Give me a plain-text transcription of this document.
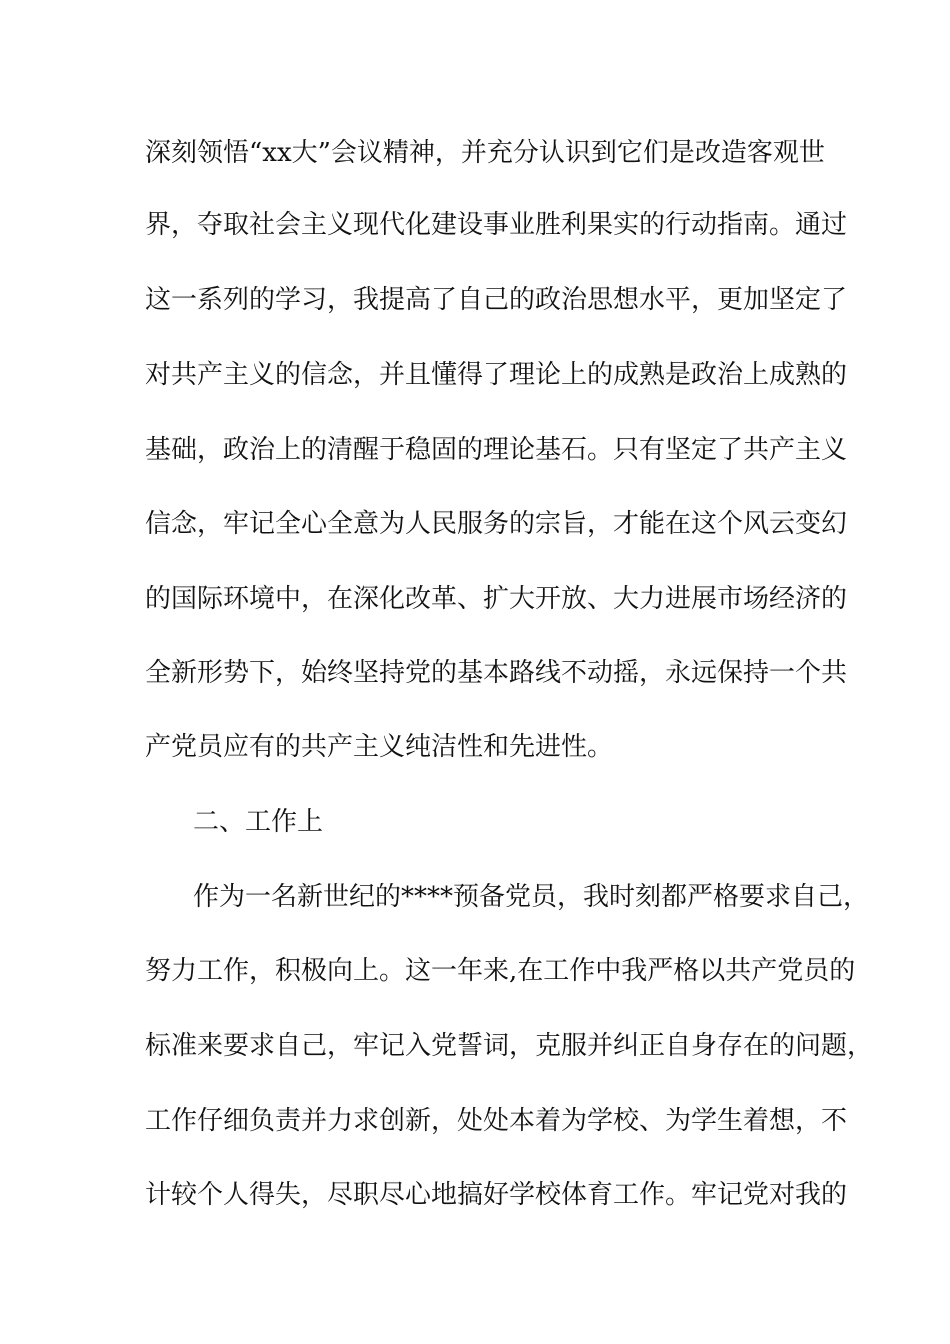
深刻领悟“xx大”会议精神，并充分认识到它们是改造客观世
界，夺取社会主义现代化建设事业胜利果实的行动指南。通过
这一系列的学习，我提高了自己的政治思想水平，更加坚定了
对共产主义的信念，并且懂得了理论上的成熟是政治上成熟的
基础，政治上的清醒于稳固的理论基石。只有坚定了共产主义
信念，牢记全心全意为人民服务的宗旨，才能在这个风云变幻
的国际环境中，在深化改革、扩大开放、大力进展市场经济的
全新形势下，始终坚持党的基本路线不动摇，永远保持一个共
产党员应有的共产主义纯洁性和先进性。
二、工作上
作为一名新世纪的****预备党员，我时刻都严格要求自己，
努力工作，积极向上。这一年来,在工作中我严格以共产党员的
标准来要求自己，牢记入党誓词，克服并纠正自身存在的问题，
工作仔细负责并力求创新，处处本着为学校、为学生着想，不
计较个人得失，尽职尽心地搞好学校体育工作。牢记党对我的
